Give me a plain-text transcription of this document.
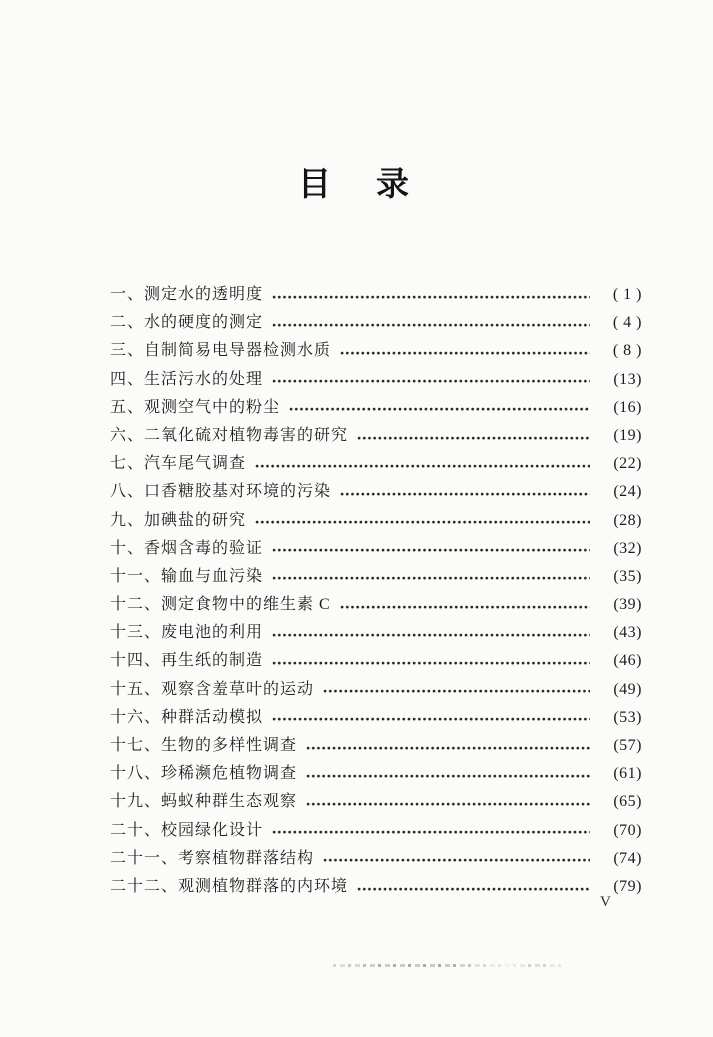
目　录
一、测定水的透明度	( 1 )
二、水的硬度的测定	( 4 )
三、自制简易电导器检测水质	( 8 )
四、生活污水的处理	(13)
五、观测空气中的粉尘	(16)
六、二氧化硫对植物毒害的研究	(19)
七、汽车尾气调查	(22)
八、口香糖胶基对环境的污染	(24)
九、加碘盐的研究	(28)
十、香烟含毒的验证	(32)
十一、输血与血污染	(35)
十二、测定食物中的维生素 C	(39)
十三、废电池的利用	(43)
十四、再生纸的制造	(46)
十五、观察含羞草叶的运动	(49)
十六、种群活动模拟	(53)
十七、生物的多样性调查	(57)
十八、珍稀濒危植物调查	(61)
十九、蚂蚁种群生态观察	(65)
二十、校园绿化设计	(70)
二十一、考察植物群落结构	(74)
二十二、观测植物群落的内环境	(79)
V
